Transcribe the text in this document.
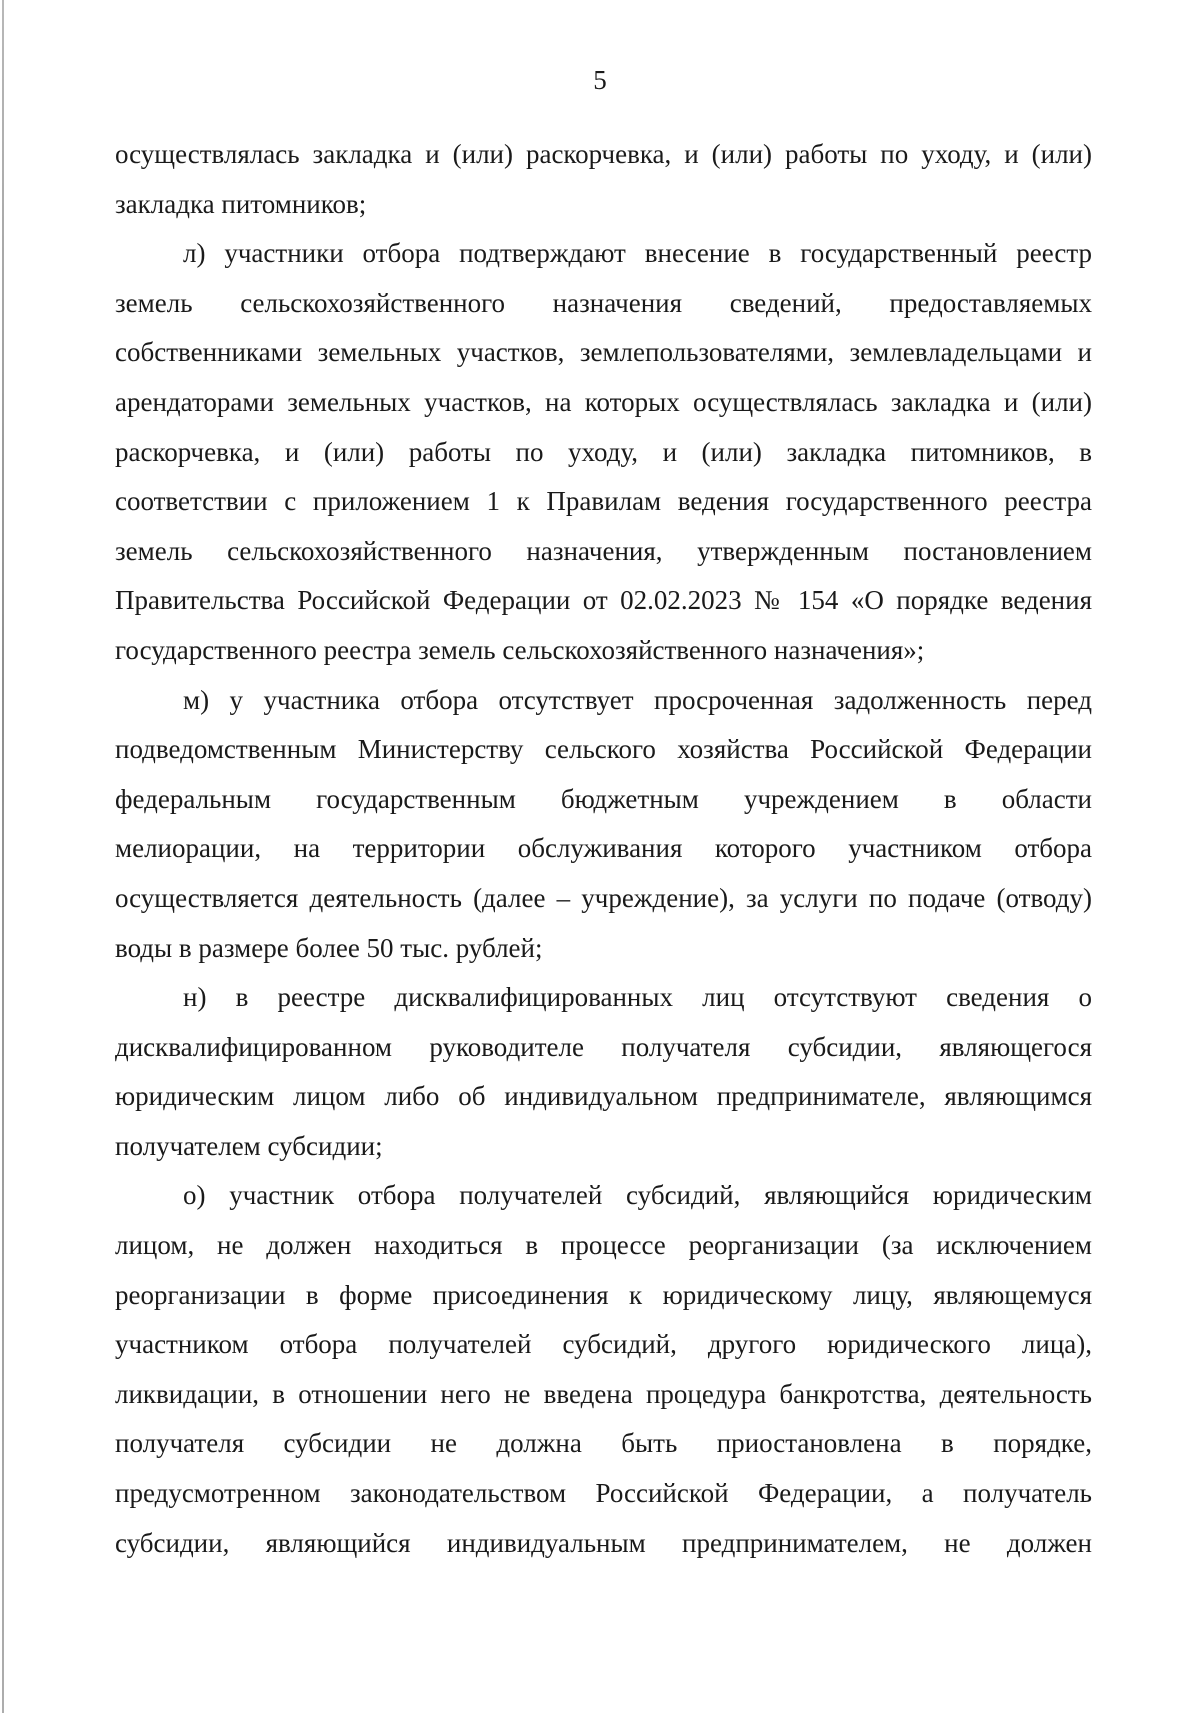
5
осуществлялась закладка и (или) раскорчевка, и (или) работы по уходу, и (или)
закладка питомников;
л) участники отбора подтверждают внесение в государственный реестр
земель сельскохозяйственного назначения сведений, предоставляемых
собственниками земельных участков, землепользователями, землевладельцами и
арендаторами земельных участков, на которых осуществлялась закладка и (или)
раскорчевка, и (или) работы по уходу, и (или) закладка питомников, в
соответствии с приложением 1 к Правилам ведения государственного реестра
земель сельскохозяйственного назначения, утвержденным постановлением
Правительства Российской Федерации от 02.02.2023 № 154 «О порядке ведения
государственного реестра земель сельскохозяйственного назначения»;
м) у участника отбора отсутствует просроченная задолженность перед
подведомственным Министерству сельского хозяйства Российской Федерации
федеральным государственным бюджетным учреждением в области
мелиорации, на территории обслуживания которого участником отбора
осуществляется деятельность (далее – учреждение), за услуги по подаче (отводу)
воды в размере более 50 тыс. рублей;
н) в реестре дисквалифицированных лиц отсутствуют сведения о
дисквалифицированном руководителе получателя субсидии, являющегося
юридическим лицом либо об индивидуальном предпринимателе, являющимся
получателем субсидии;
о) участник отбора получателей субсидий, являющийся юридическим
лицом, не должен находиться в процессе реорганизации (за исключением
реорганизации в форме присоединения к юридическому лицу, являющемуся
участником отбора получателей субсидий, другого юридического лица),
ликвидации, в отношении него не введена процедура банкротства, деятельность
получателя субсидии не должна быть приостановлена в порядке,
предусмотренном законодательством Российской Федерации, а получатель
субсидии, являющийся индивидуальным предпринимателем, не должен
